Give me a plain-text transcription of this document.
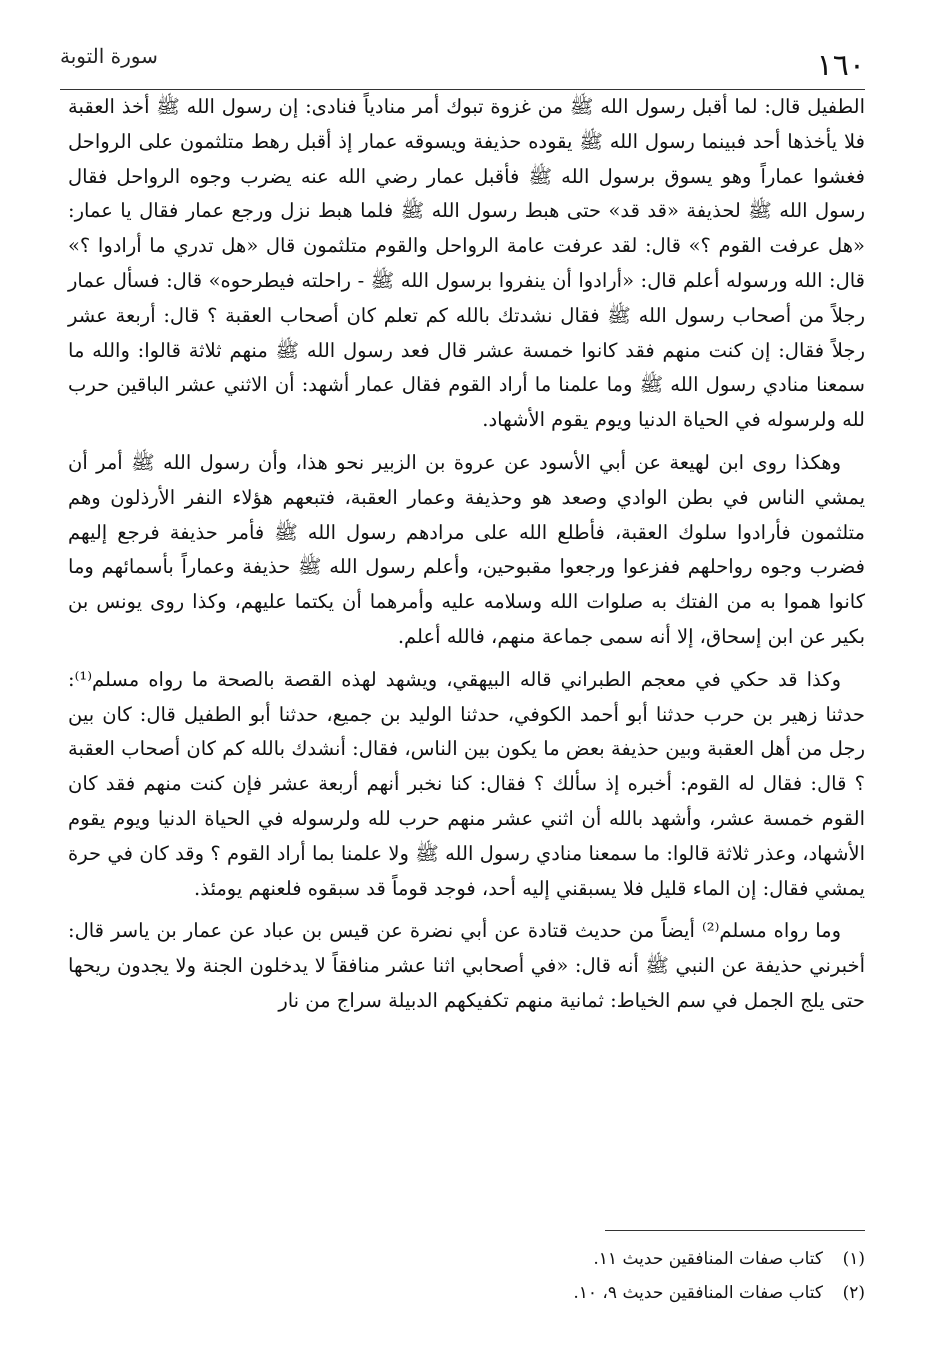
١٦٠
سورة التوبة

الطفيل قال: لما أقبل رسول الله ﷺ من غزوة تبوك أمر منادياً فنادى: إن رسول الله ﷺ أخذ العقبة فلا يأخذها أحد فبينما رسول الله ﷺ يقوده حذيفة ويسوقه عمار إذ أقبل رهط متلثمون على الرواحل فغشوا عماراً وهو يسوق برسول الله ﷺ فأقبل عمار رضي الله عنه يضرب وجوه الرواحل فقال رسول الله ﷺ لحذيفة «قد قد» حتى هبط رسول الله ﷺ فلما هبط نزل ورجع عمار فقال يا عمار: «هل عرفت القوم ؟» قال: لقد عرفت عامة الرواحل والقوم متلثمون قال «هل تدري ما أرادوا ؟» قال: الله ورسوله أعلم قال: «أرادوا أن ينفروا برسول الله ﷺ - راحلته فيطرحوه» قال: فسأل عمار رجلاً من أصحاب رسول الله ﷺ فقال نشدتك بالله كم تعلم كان أصحاب العقبة ؟ قال: أربعة عشر رجلاً فقال: إن كنت منهم فقد كانوا خمسة عشر قال فعد رسول الله ﷺ منهم ثلاثة قالوا: والله ما سمعنا منادي رسول الله ﷺ وما علمنا ما أراد القوم فقال عمار أشهد: أن الاثني عشر الباقين حرب لله ولرسوله في الحياة الدنيا ويوم يقوم الأشهاد.

وهكذا روى ابن لهيعة عن أبي الأسود عن عروة بن الزبير نحو هذا، وأن رسول الله ﷺ أمر أن يمشي الناس في بطن الوادي وصعد هو وحذيفة وعمار العقبة، فتبعهم هؤلاء النفر الأرذلون وهم متلثمون فأرادوا سلوك العقبة، فأطلع الله على مرادهم رسول الله ﷺ فأمر حذيفة فرجع إليهم فضرب وجوه رواحلهم ففزعوا ورجعوا مقبوحين، وأعلم رسول الله ﷺ حذيفة وعماراً بأسمائهم وما كانوا هموا به من الفتك به صلوات الله وسلامه عليه وأمرهما أن يكتما عليهم، وكذا روى يونس بن بكير عن ابن إسحاق، إلا أنه سمى جماعة منهم، فالله أعلم.

وكذا قد حكي في معجم الطبراني قاله البيهقي، ويشهد لهذه القصة بالصحة ما رواه مسلم⁽¹⁾: حدثنا زهير بن حرب حدثنا أبو أحمد الكوفي، حدثنا الوليد بن جميع، حدثنا أبو الطفيل قال: كان بين رجل من أهل العقبة وبين حذيفة بعض ما يكون بين الناس، فقال: أنشدك بالله كم كان أصحاب العقبة ؟ قال: فقال له القوم: أخبره إذ سألك ؟ فقال: كنا نخبر أنهم أربعة عشر فإن كنت منهم فقد كان القوم خمسة عشر، وأشهد بالله أن اثني عشر منهم حرب لله ولرسوله في الحياة الدنيا ويوم يقوم الأشهاد، وعذر ثلاثة قالوا: ما سمعنا منادي رسول الله ﷺ ولا علمنا بما أراد القوم ؟ وقد كان في حرة يمشي فقال: إن الماء قليل فلا يسبقني إليه أحد، فوجد قوماً قد سبقوه فلعنهم يومئذ.

وما رواه مسلم⁽²⁾ أيضاً من حديث قتادة عن أبي نضرة عن قيس بن عباد عن عمار بن ياسر قال: أخبرني حذيفة عن النبي ﷺ أنه قال: «في أصحابي اثنا عشر منافقاً لا يدخلون الجنة ولا يجدون ريحها حتى يلج الجمل في سم الخياط: ثمانية منهم تكفيكهم الدبيلة سراج من نار

(١)
كتاب صفات المنافقين حديث ١١.
(٢)
كتاب صفات المنافقين حديث ٩، ١٠.
